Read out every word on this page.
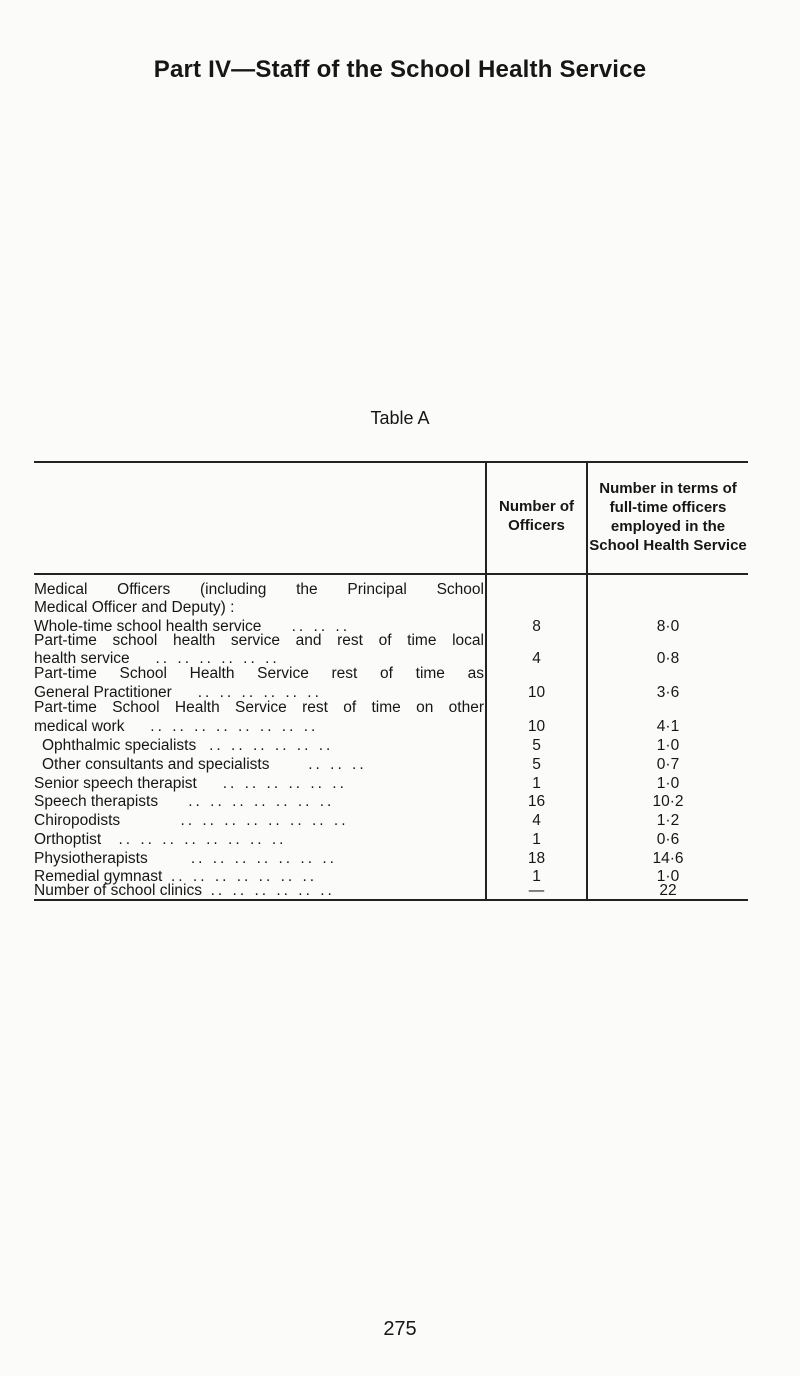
Part IV—Staff of the School Health Service
Table A
Number of Officers
Number in terms of full-time officers employed in the School Health Service
Medical Officers (including the Principal School
Medical Officer and Deputy) :
Whole-time school health service .. .. ..	8	8·0
Part-time school health service and rest of time local
health service .. .. .. .. .. ..	4	0·8
Part-time School Health Service rest of time as
General Practitioner .. .. .. .. .. ..	10	3·6
Part-time School Health Service rest of time on other
medical work .. .. .. .. .. .. .. ..	10	4·1
Ophthalmic specialists .. .. .. .. .. ..	5	1·0
Other consultants and specialists	.. .. ..	5	0·7
Senior speech therapist .. .. .. .. .. ..	1	1·0
Speech therapists .. .. .. .. .. .. ..	16	10·2
Chiropodists	.. .. .. .. .. .. .. ..	4	1·2
Orthoptist .. .. .. .. .. .. .. ..	1	0·6
Physiotherapists	.. .. .. .. .. .. ..	18	14·6
Remedial gymnast .. .. .. .. .. .. ..	1	1·0
Number of school clinics .. .. .. .. .. ..	—	22
275
